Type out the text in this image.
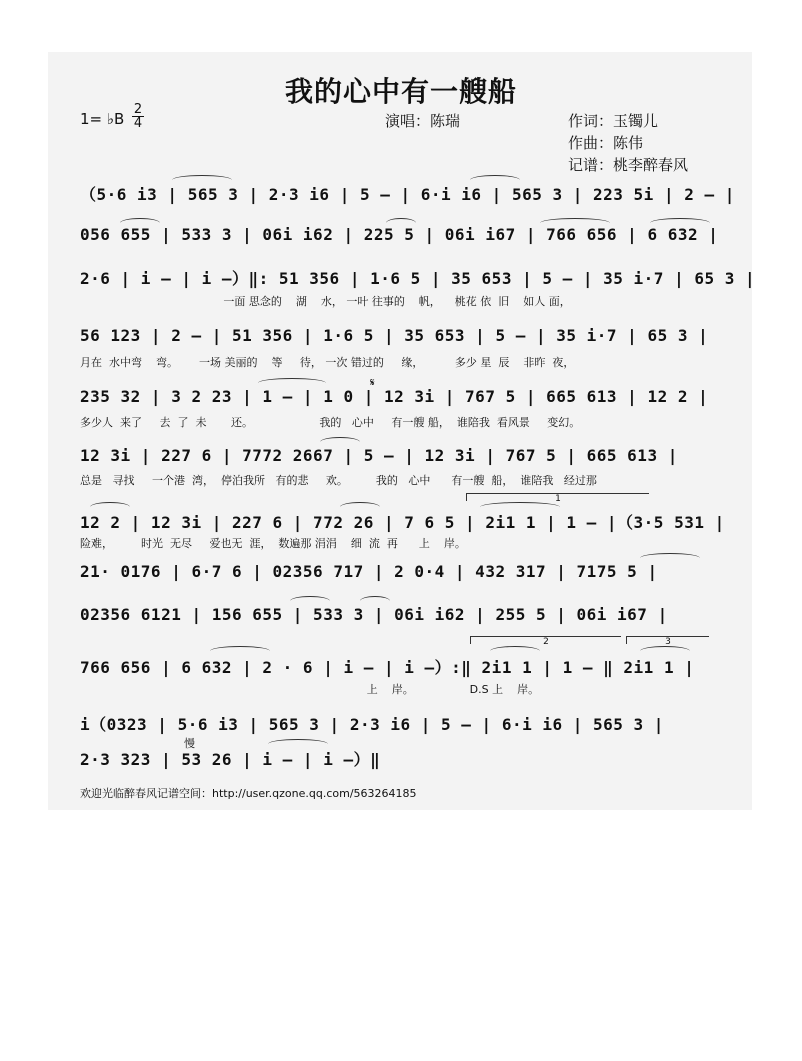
我的心中有一艘船
1= ♭B
2
4	演唱：陈瑞	作词：玉镯儿
作曲：陈伟
记谱：桃李醉春风
（5·6 i3 | 565 3 | 2·3 i6 | 5 – | 6·i i6 | 565 3 | 223 5i | 2 – |
056 655 | 533 3 | 06i i62 | 225 5 | 06i i67 | 766 656 | 6 632 |
2·6 | i – | i –）‖: 51 356 | 1·6 5 | 35 653 | 5 – | 35 i·7 | 65 3 |
一面 思念的    湖    水， 一叶 往事的    帆，    桃花 依  旧    如人 面，
56 123 | 2 – | 51 356 | 1·6 5 | 35 653 | 5 – | 35 i·7 | 65 3 |
月在  水中弯    弯。      一场 美丽的    等     待， 一次 错过的     缘，         多少 星  辰    非昨  夜，
235 32 | 3 2 23 | 1 – | 1 0 | 12 3i | 767 5 | 665 613 | 12 2 |
多少人  来了     去  了  未       还。                   我的   心中     有一艘 船，  谁陪我  看风景     变幻。
12 3i | 227 6 | 7772 2667 | 5 – | 12 3i | 767 5 | 665 613 |
总是   寻找     一个港  湾，  停泊我所   有的悲     欢。        我的   心中      有一艘  船，  谁陪我   经过那
12 2 | 12 3i | 227 6 | 772 26 | 7 6 5 | 2i1 1 | 1 – |（3·5 531 |
险难，        时光  无尽     爱也无  涯，  数遍那 涓涓    细  流  再      上    岸。
21· 0176 | 6·7 6 | 02356 717 | 2 0·4 | 432 317 | 7175 5 |
02356 6121 | 156 655 | 533 3 | 06i i62 | 255 5 | 06i i67 |
766 656 | 6 632 | 2 · 6 | i – | i –）:‖ 2i1 1 | 1 – ‖ 2i1 1 |
上    岸。                D.S 上    岸。
i（0323 | 5·6 i3 | 565 3 | 2·3 i6 | 5 – | 6·i i6 | 565 3 |
2·3 323 | 53 26 | i – | i –）‖
𝄋
慢
1
2	3
欢迎光临醉春风记谱空间：http://user.qzone.qq.com/563264185
